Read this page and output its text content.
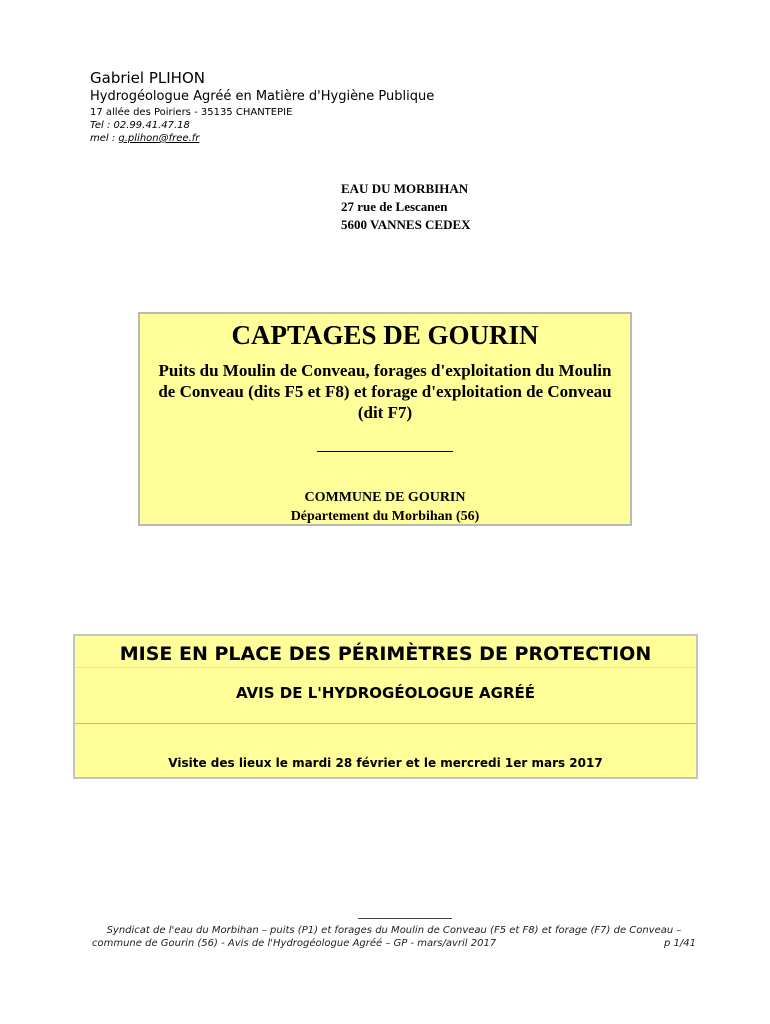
Gabriel PLIHON
Hydrogéologue Agréé en Matière d'Hygiène Publique
17 allée des Poiriers - 35135 CHANTEPIE
Tel : 02.99.41.47.18
mel : g.plihon@free.fr
EAU DU MORBIHAN
27 rue de Lescanen
5600 VANNES CEDEX
CAPTAGES DE GOURIN
Puits du Moulin de Conveau, forages d'exploitation du Moulin de Conveau (dits F5 et F8) et forage d'exploitation de Conveau (dit F7)
COMMUNE DE GOURIN
Département du Morbihan (56)
MISE EN PLACE DES PÉRIMÈTRES DE PROTECTION
AVIS DE L'HYDROGÉOLOGUE AGRÉÉ
Visite des lieux le mardi 28 février et le mercredi 1er mars 2017
Syndicat de l'eau du Morbihan – puits (P1) et forages du Moulin de Conveau (F5 et F8) et forage (F7) de Conveau –
commune de Gourin (56) - Avis de l'Hydrogéologue Agréé – GP - mars/avril 2017	p 1/41
